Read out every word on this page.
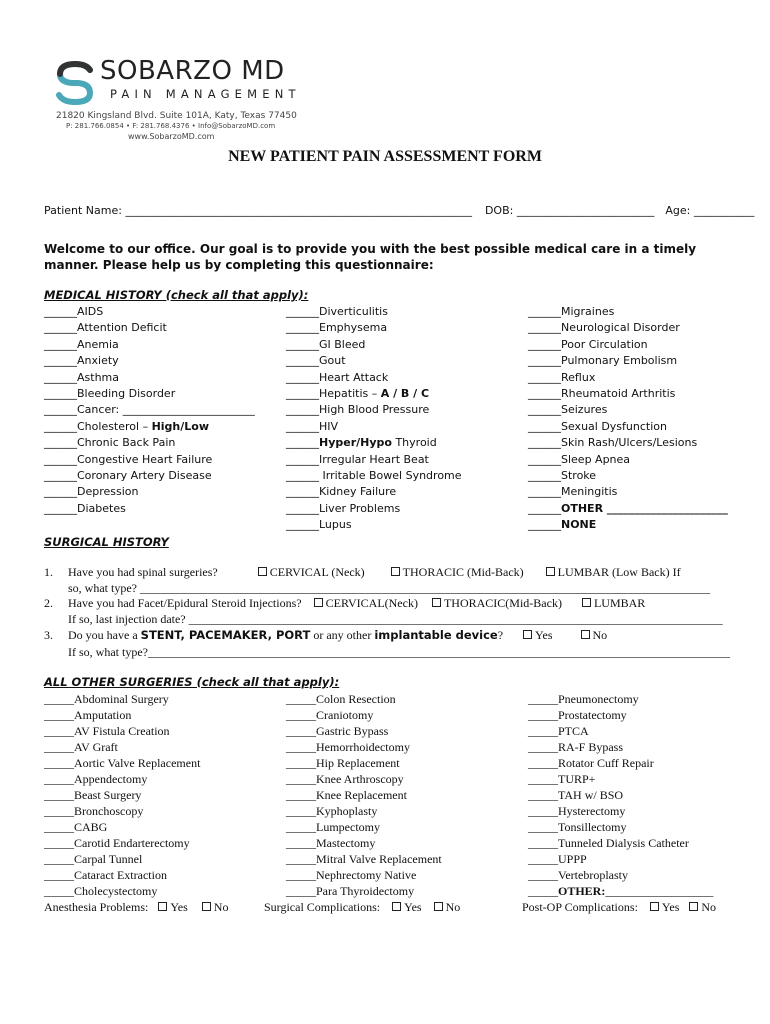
SOBARZO MD
PAIN MANAGEMENT
21820 Kingsland Blvd. Suite 101A, Katy, Texas 77450
P: 281.766.0854 • F: 281.768.4376 • Info@SobarzoMD.com
www.SobarzoMD.com
NEW PATIENT PAIN ASSESSMENT FORM
Patient Name: _______________________________________________________________ DOB: _________________________ Age: ___________
Welcome to our office. Our goal is to provide you with the best possible medical care in a timely manner. Please help us by completing this questionnaire:
MEDICAL HISTORY (check all that apply):
______AIDS
______Attention Deficit
______Anemia
______Anxiety
______Asthma
______Bleeding Disorder
______Cancer: ________________________
______Cholesterol – High/Low
______Chronic Back Pain
______Congestive Heart Failure
______Coronary Artery Disease
______Depression
______Diabetes
______Diverticulitis
______Emphysema
______GI Bleed
______Gout
______Heart Attack
______Hepatitis – A / B / C
______High Blood Pressure
______HIV
______Hyper/Hypo Thyroid
______Irregular Heart Beat
______ Irritable Bowel Syndrome
______Kidney Failure
______Liver Problems
______Lupus
______Migraines
______Neurological Disorder
______Poor Circulation
______Pulmonary Embolism
______Reflux
______Rheumatoid Arthritis
______Seizures
______Sexual Dysfunction
______Skin Rash/Ulcers/Lesions
______Sleep Apnea
______Stroke
______Meningitis
______OTHER ______________________
______NONE
SURGICAL HISTORY
1. Have you had spinal surgeries?	CERVICAL (Neck)	THORACIC (Mid-Back)	LUMBAR (Low Back) If
so, what type? _______________________________________________________________________________________________
2. Have you had Facet/Epidural Steroid Injections? CERVICAL(Neck) THORACIC(Mid-Back)	LUMBAR
If so, last injection date? _________________________________________________________________________________________
3. Do you have a STENT, PACEMAKER, PORT or any other implantable device?	Yes	No
If so, what type?_________________________________________________________________________________________________
ALL OTHER SURGERIES (check all that apply):
_____Abdominal Surgery
_____Amputation
_____AV Fistula Creation
_____AV Graft
_____Aortic Valve Replacement
_____Appendectomy
_____Beast Surgery
_____Bronchoscopy
_____CABG
_____Carotid Endarterectomy
_____Carpal Tunnel
_____Cataract Extraction
_____Cholecystectomy
Anesthesia Problems: Yes No
_____Colon Resection
_____Craniotomy
_____Gastric Bypass
_____Hemorrhoidectomy
_____Hip Replacement
_____Knee Arthroscopy
_____Knee Replacement
_____Kyphoplasty
_____Lumpectomy
_____Mastectomy
_____Mitral Valve Replacement
_____Nephrectomy Native
_____Para Thyroidectomy
Surgical Complications: Yes No
_____Pneumonectomy
_____Prostatectomy
_____PTCA
_____RA-F Bypass
_____Rotator Cuff Repair
_____TURP+
_____TAH w/ BSO
_____Hysterectomy
_____Tonsillectomy
_____Tunneled Dialysis Catheter
_____UPPP
_____Vertebroplasty
_____OTHER:__________________
Post-OP Complications: Yes No
